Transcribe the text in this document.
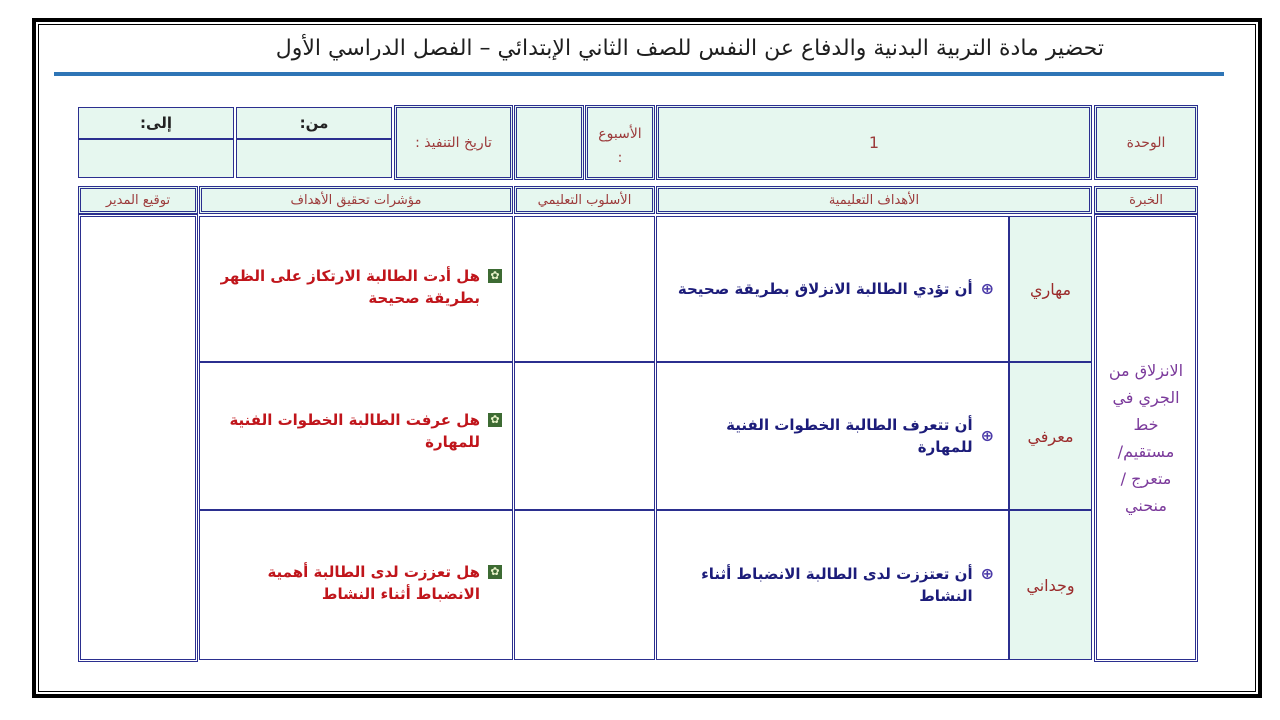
تحضير مادة التربية البدنية والدفاع عن النفس للصف الثاني الإبتدائي – الفصل الدراسي الأول
الوحدة
1
الأسبوع :
تاريخ التنفيذ :
من:
إلى:
الخبرة
الأهداف التعليمية
الأسلوب التعليمي
مؤشرات تحقيق الأهداف
توقيع المدير
الانزلاق من الجري في خط مستقيم/متعرج / منحني
مهاري
⊕
أن تؤدي الطالبة الانزلاق بطريقة صحيحة
✿
هل أدت الطالبة الارتكاز على الظهر بطريقة صحيحة
معرفي
⊕
أن تتعرف الطالبة الخطوات الفنية للمهارة
✿
هل عرفت الطالبة الخطوات الفنية للمهارة
وجداني
⊕
أن تعتززت لدى الطالبة الانضباط أثناء النشاط
✿
هل تعززت لدى الطالبة أهمية الانضباط أثناء النشاط
